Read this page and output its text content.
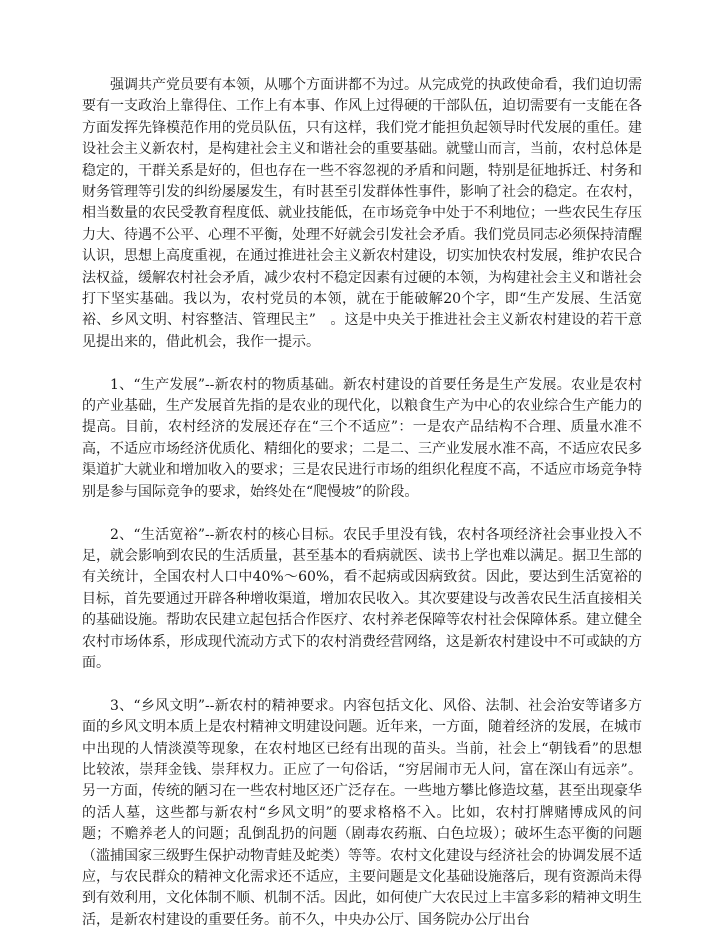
强调共产党员要有本领，从哪个方面讲都不为过。从完成党的执政使命看，我们迫切需要有一支政治上靠得住、工作上有本事、作风上过得硬的干部队伍，迫切需要有一支能在各方面发挥先锋模范作用的党员队伍，只有这样，我们党才能担负起领导时代发展的重任。建设社会主义新农村，是构建社会主义和谐社会的重要基础。就璧山而言，当前，农村总体是稳定的，干群关系是好的，但也存在一些不容忽视的矛盾和问题，特别是征地拆迁、村务和财务管理等引发的纠纷屡屡发生，有时甚至引发群体性事件，影响了社会的稳定。在农村，相当数量的农民受教育程度低、就业技能低，在市场竞争中处于不利地位；一些农民生存压力大、待遇不公平、心理不平衡，处理不好就会引发社会矛盾。我们党员同志必须保持清醒认识，思想上高度重视，在通过推进社会主义新农村建设，切实加快农村发展，维护农民合法权益，缓解农村社会矛盾，减少农村不稳定因素有过硬的本领，为构建社会主义和谐社会打下坚实基础。我以为，农村党员的本领，就在于能破解20个字，即“生产发展、生活宽裕、乡风文明、村容整洁、管理民主”　。这是中央关于推进社会主义新农村建设的若干意见提出来的，借此机会，我作一提示。

1、“生产发展”--新农村的物质基础。新农村建设的首要任务是生产发展。农业是农村的产业基础，生产发展首先指的是农业的现代化，以粮食生产为中心的农业综合生产能力的提高。目前，农村经济的发展还存在“三个不适应”：一是农产品结构不合理、质量水准不高，不适应市场经济优质化、精细化的要求；二是二、三产业发展水准不高，不适应农民多渠道扩大就业和增加收入的要求；三是农民进行市场的组织化程度不高，不适应市场竞争特别是参与国际竞争的要求，始终处在“爬慢坡”的阶段。

2、“生活宽裕”--新农村的核心目标。农民手里没有钱，农村各项经济社会事业投入不足，就会影响到农民的生活质量，甚至基本的看病就医、读书上学也难以满足。据卫生部的有关统计，全国农村人口中40%～60%，看不起病或因病致贫。因此，要达到生活宽裕的目标，首先要通过开辟各种增收渠道，增加农民收入。其次要建设与改善农民生活直接相关的基础设施。帮助农民建立起包括合作医疗、农村养老保障等农村社会保障体系。建立健全农村市场体系，形成现代流动方式下的农村消费经营网络，这是新农村建设中不可或缺的方面。

3、“乡风文明”--新农村的精神要求。内容包括文化、风俗、法制、社会治安等诸多方面的乡风文明本质上是农村精神文明建设问题。近年来，一方面，随着经济的发展，在城市中出现的人情淡漠等现象，在农村地区已经有出现的苗头。当前，社会上“朝钱看”的思想比较浓，崇拜金钱、崇拜权力。正应了一句俗话，“穷居闹市无人问，富在深山有远亲”。另一方面，传统的陋习在一些农村地区还广泛存在。一些地方攀比修造坟墓，甚至出现豪华的活人墓，这些都与新农村“乡风文明”的要求格格不入。比如，农村打牌赌博成风的问题；不赡养老人的问题；乱倒乱扔的问题（剧毒农药瓶、白色垃圾）；破坏生态平衡的问题（滥捕国家三级野生保护动物青蛙及蛇类）等等。农村文化建设与经济社会的协调发展不适应，与农民群众的精神文化需求还不适应，主要问题是文化基础设施落后，现有资源尚未得到有效利用，文化体制不顺、机制不活。因此，如何使广大农民过上丰富多彩的精神文明生活，是新农村建设的重要任务。前不久，中央办公厅、国务院办公厅出台
